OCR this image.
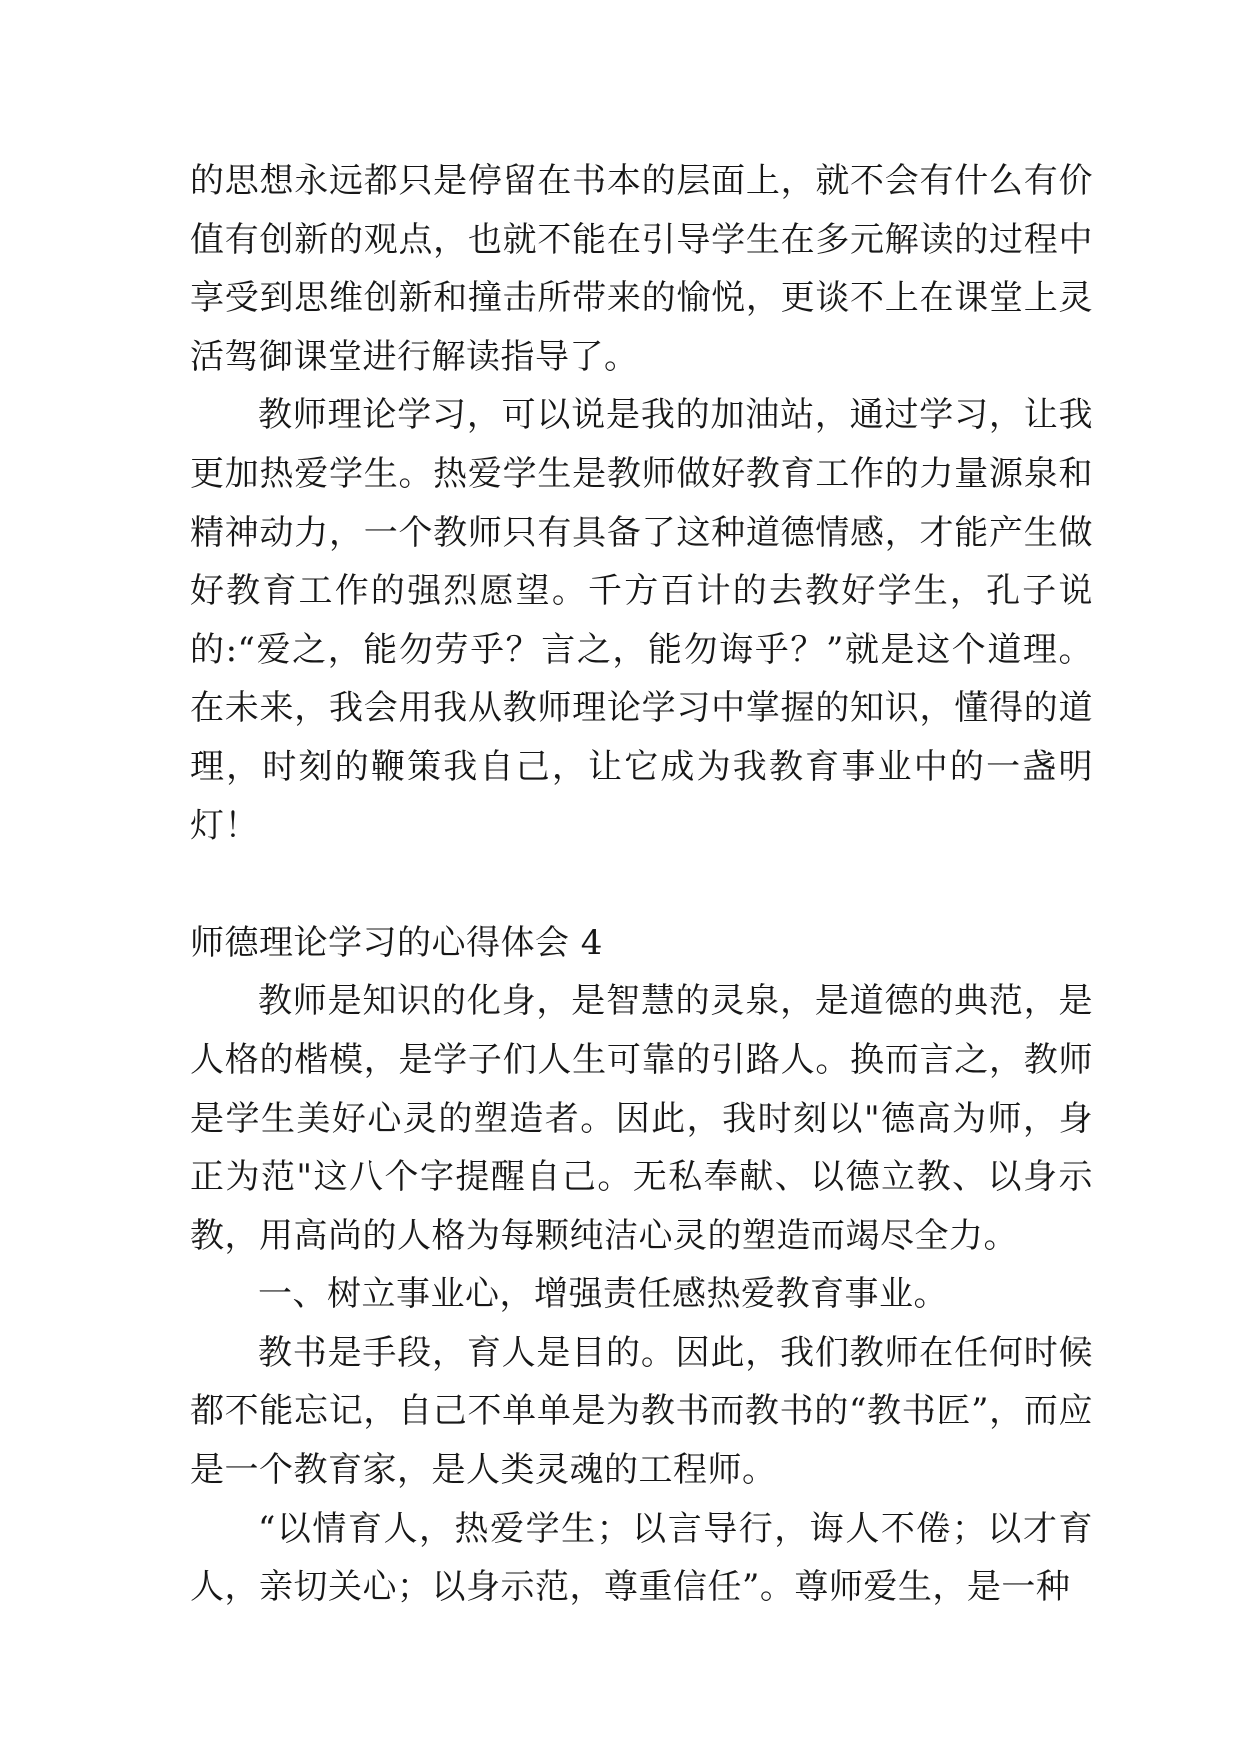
的思想永远都只是停留在书本的层面上，就不会有什么有价值有创新的观点，也就不能在引导学生在多元解读的过程中享受到思维创新和撞击所带来的愉悦，更谈不上在课堂上灵活驾御课堂进行解读指导了。

教师理论学习，可以说是我的加油站，通过学习，让我更加热爱学生。热爱学生是教师做好教育工作的力量源泉和精神动力，一个教师只有具备了这种道德情感，才能产生做好教育工作的强烈愿望。千方百计的去教好学生，孔子说的:“爱之，能勿劳乎？言之，能勿诲乎？”就是这个道理。在未来，我会用我从教师理论学习中掌握的知识，懂得的道理，时刻的鞭策我自己，让它成为我教育事业中的一盏明灯！

师德理论学习的心得体会 4

教师是知识的化身，是智慧的灵泉，是道德的典范，是人格的楷模，是学子们人生可靠的引路人。换而言之，教师是学生美好心灵的塑造者。因此，我时刻以"德高为师，身正为范"这八个字提醒自己。无私奉献、以德立教、以身示教，用高尚的人格为每颗纯洁心灵的塑造而竭尽全力。

一、树立事业心，增强责任感热爱教育事业。

教书是手段，育人是目的。因此，我们教师在任何时候都不能忘记，自己不单单是为教书而教书的“教书匠”，而应是一个教育家，是人类灵魂的工程师。

“以情育人，热爱学生；以言导行，诲人不倦；以才育人，亲切关心；以身示范，尊重信任”。尊师爱生，是一种
